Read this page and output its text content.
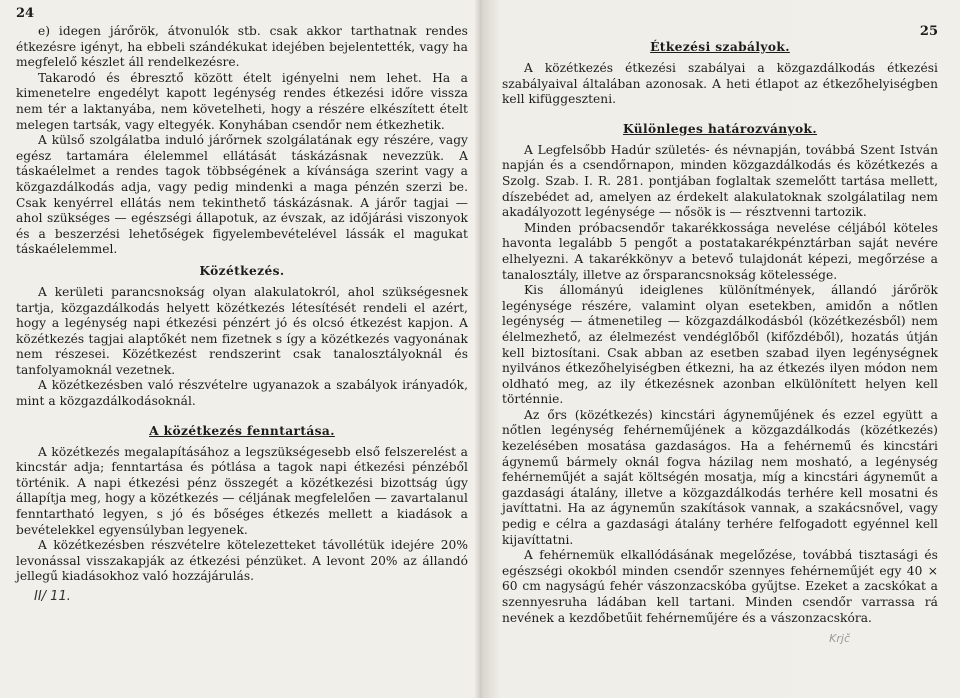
24

e) idegen járőrök, átvonulók stb. csak akkor tarthatnak rendes étkezésre igényt, ha ebbeli szándékukat idejében bejelentették, vagy ha megfelelő készlet áll rendelkezésre.

Takarodó és ébresztő között ételt igényelni nem lehet. Ha a kimenetelre engedélyt kapott legénység rendes étkezési időre vissza nem tér a laktanyába, nem követelheti, hogy a részére elkészített ételt melegen tartsák, vagy eltegyék. Konyhában csendőr nem étkezhetik.

A külső szolgálatba induló járőrnek szolgálatának egy részére, vagy egész tartamára élelemmel ellátását táskázásnak nevezzük. A táskaélelmet a rendes tagok többségének a kívánsága szerint vagy a közgazdálkodás adja, vagy pedig mindenki a maga pénzén szerzi be. Csak kenyérrel ellátás nem tekinthető táskázásnak. A járőr tagjai — ahol szükséges — egészségi állapotuk, az évszak, az időjárási viszonyok és a beszerzési lehetőségek figyelembevételével lássák el magukat táskaélelemmel.

Közétkezés.

A kerületi parancsnokság olyan alakulatokról, ahol szükségesnek tartja, közgazdálkodás helyett közétkezés létesítését rendeli el azért, hogy a legénység napi étkezési pénzért jó és olcsó étkezést kapjon. A közétkezés tagjai alaptőkét nem fizetnek s így a közétkezés vagyonának nem részesei. Közétkezést rendszerint csak tanalosztályoknál és tanfolyamoknál vezetnek.

A közétkezésben való részvételre ugyanazok a szabályok irányadók, mint a közgazdálkodásoknál.

A közétkezés fenntartása.

A közétkezés megalapításához a legszükségesebb első felszerelést a kincstár adja; fenntartása és pótlása a tagok napi étkezési pénzéből történik. A napi étkezési pénz összegét a közétkezési bizottság úgy állapítja meg, hogy a közétkezés — céljának megfelelően — zavartalanul fenntartható legyen, s jó és bőséges étkezés mellett a kiadások a bevételekkel egyensúlyban legyenek.

A közétkezésben részvételre kötelezetteket távollétük idejére 20% levonással visszakapják az étkezési pénzüket. A levont 20% az állandó jellegű kiadásokhoz való hozzájárulás.

II/ 11.
25
Étkezési szabályok.

A közétkezés étkezési szabályai a közgazdálkodás étkezési szabályaival általában azonosak. A heti étlapot az étkezőhelyiségben kell kifüggeszteni.

Különleges határozványok.

A Legfelsőbb Hadúr születés- és névnapján, továbbá Szent István napján és a csendőrnapon, minden közgazdálkodás és közétkezés a Szolg. Szab. I. R. 281. pontjában foglaltak szemelőtt tartása mellett, díszebédet ad, amelyen az érdekelt alakulatoknak szolgálatilag nem akadályozott legénysége — nősök is — résztvenni tartozik.

Minden próbacsendőr takarékkossága nevelése céljából köteles havonta legalább 5 pengőt a postatakarékpénztárban saját nevére elhelyezni. A takarékkönyv a betevő tulajdonát képezi, megőrzése a tanalosztály, illetve az őrsparancsnokság kötelessége.

Kis állományú ideiglenes különítmények, állandó járőrök legénysége részére, valamint olyan esetekben, amidőn a nőtlen legénység — átmenetileg — közgazdálkodásból (közétkezésből) nem élelmezhető, az élelmezést vendéglőből (kifőzdéből), hozatás útján kell biztosítani. Csak abban az esetben szabad ilyen legénységnek nyilvános étkezőhelyiségben étkezni, ha az étkezés ilyen módon nem oldható meg, az ily étkezésnek azonban elkülönített helyen kell történnie.

Az őrs (közétkezés) kincstári ágyneműjének és ezzel együtt a nőtlen legénység fehérneműjének a közgazdálkodás (közétkezés) kezelésében mosatása gazdaságos. Ha a fehérnemű és kincstári ágynemű bármely oknál fogva házilag nem mosható, a legénység fehérneműjét a saját költségén mosatja, míg a kincstári ágyneműt a gazdasági átalány, illetve a közgazdálkodás terhére kell mosatni és javíttatni. Ha az ágyneműn szakítások vannak, a szakácsnővel, vagy pedig e célra a gazdasági átalány terhére felfogadott egyénnel kell kijavíttatni.

A fehérnemük elkallódásának megelőzése, továbbá tisztasági és egészségi okokból minden csendőr szennyes fehérneműjét egy 40 × 60 cm nagyságú fehér vászonzacskóba gyűjtse. Ezeket a zacskókat a szennyesruha ládában kell tartani. Minden csendőr varrassa rá nevének a kezdőbetűit fehérneműjére és a vászonzacskóra.

Krjč
